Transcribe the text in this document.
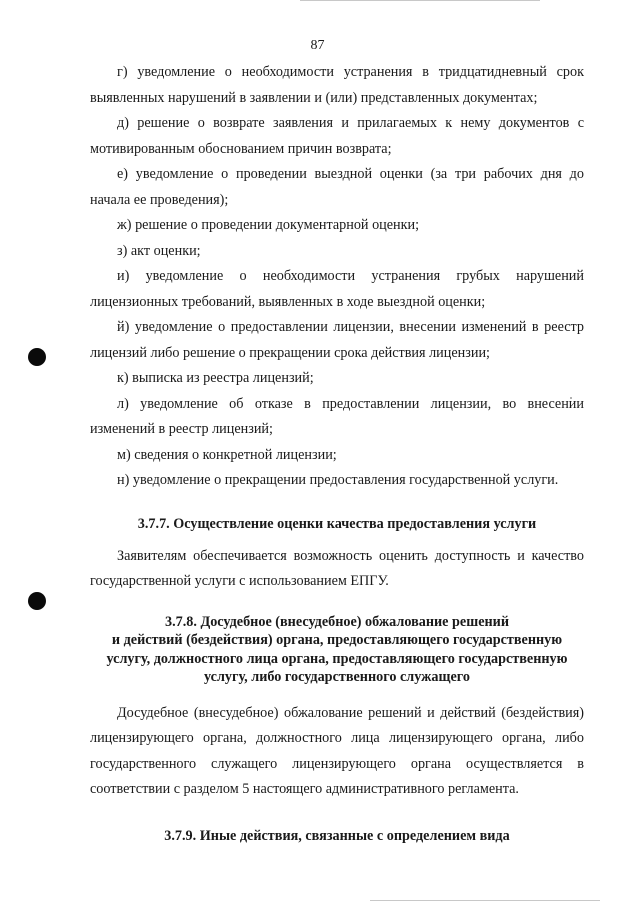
87

г) уведомление о необходимости устранения в тридцатидневный срок выявленных нарушений в заявлении и (или) представленных документах;

д) решение о возврате заявления и прилагаемых к нему документов с мотивированным обоснованием причин возврата;

е) уведомление о проведении выездной оценки (за три рабочих дня до начала ее проведения);

ж) решение о проведении документарной оценки;

з) акт оценки;

и) уведомление о необходимости устранения грубых нарушений лицензионных требований, выявленных в ходе выездной оценки;

й) уведомление о предоставлении лицензии, внесении изменений в реестр лицензий либо решение о прекращении срока действия лицензии;

к) выписка из реестра лицензий;

л) уведомление об отказе в предоставлении лицензии, во внесении изменений в реестр лицензий;

м) сведения о конкретной лицензии;

н) уведомление о прекращении предоставления государственной услуги.

3.7.7. Осуществление оценки качества предоставления услуги

Заявителям обеспечивается возможность оценить доступность и качество государственной услуги с использованием ЕПГУ.

3.7.8. Досудебное (внесудебное) обжалование решений
и действий (бездействия) органа, предоставляющего государственную
услугу, должностного лица органа, предоставляющего государственную
услугу, либо государственного служащего

Досудебное (внесудебное) обжалование решений и действий (бездействия) лицензирующего органа, должностного лица лицензирующего органа, либо государственного служащего лицензирующего органа осуществляется в соответствии с разделом 5 настоящего административного регламента.

3.7.9. Иные действия, связанные с определением вида
